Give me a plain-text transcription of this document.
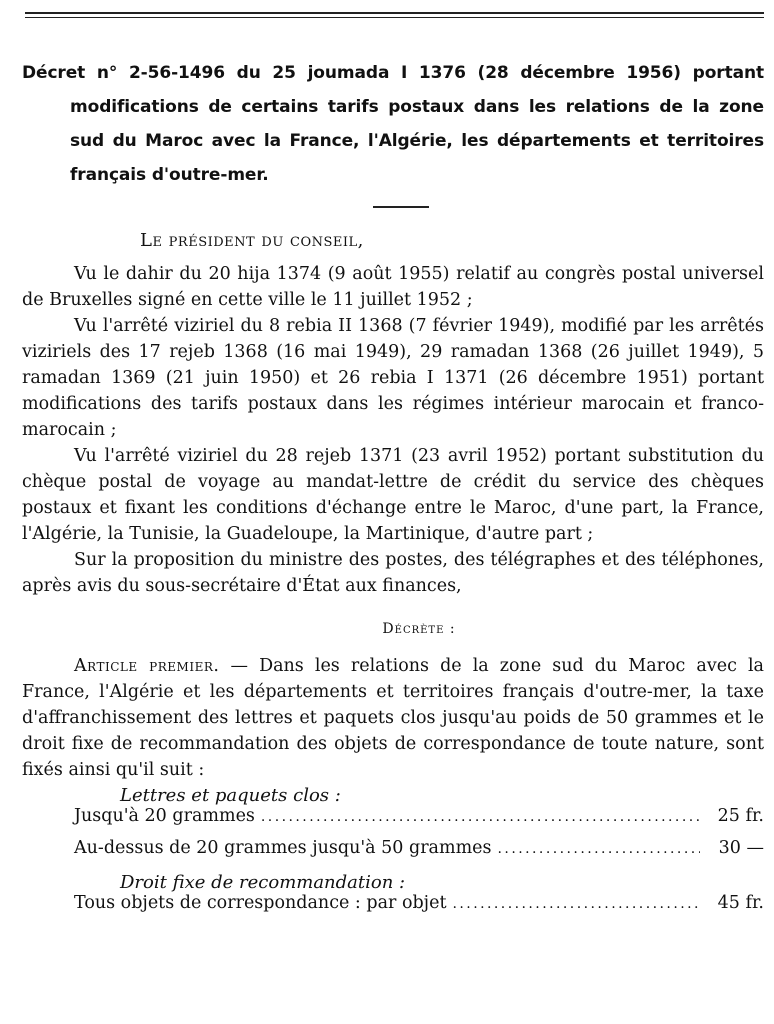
Décret n° 2-56-1496 du 25 joumada I 1376 (28 décembre 1956) portant modifications de certains tarifs postaux dans les relations de la zone sud du Maroc avec la France, l'Algérie, les départements et territoires français d'outre-mer.
Le président du conseil,

Vu le dahir du 20 hija 1374 (9 août 1955) relatif au congrès postal universel de Bruxelles signé en cette ville le 11 juillet 1952 ;

Vu l'arrêté viziriel du 8 rebia II 1368 (7 février 1949), modifié par les arrêtés viziriels des 17 rejeb 1368 (16 mai 1949), 29 ramadan 1368 (26 juillet 1949), 5 ramadan 1369 (21 juin 1950) et 26 rebia I 1371 (26 décembre 1951) portant modifications des tarifs postaux dans les régimes intérieur marocain et franco-marocain ;

Vu l'arrêté viziriel du 28 rejeb 1371 (23 avril 1952) portant substitution du chèque postal de voyage au mandat-lettre de crédit du service des chèques postaux et fixant les conditions d'échange entre le Maroc, d'une part, la France, l'Algérie, la Tunisie, la Guadeloupe, la Martinique, d'autre part ;

Sur la proposition du ministre des postes, des télégraphes et des téléphones, après avis du sous-secrétaire d'État aux finances,

Décrète :
Article premier. — Dans les relations de la zone sud du Maroc avec la France, l'Algérie et les départements et territoires français d'outre-mer, la taxe d'affranchissement des lettres et paquets clos jusqu'au poids de 50 grammes et le droit fixe de recommandation des objets de correspondance de toute nature, sont fixés ainsi qu'il suit :
Lettres et paquets clos :
Jusqu'à 20 grammes . . .	25 fr.
Au-dessus de 20 grammes jusqu'à 50 grammes . . .	30 —
Droit fixe de recommandation :
Tous objets de correspondance : par objet . . .	45 fr.
